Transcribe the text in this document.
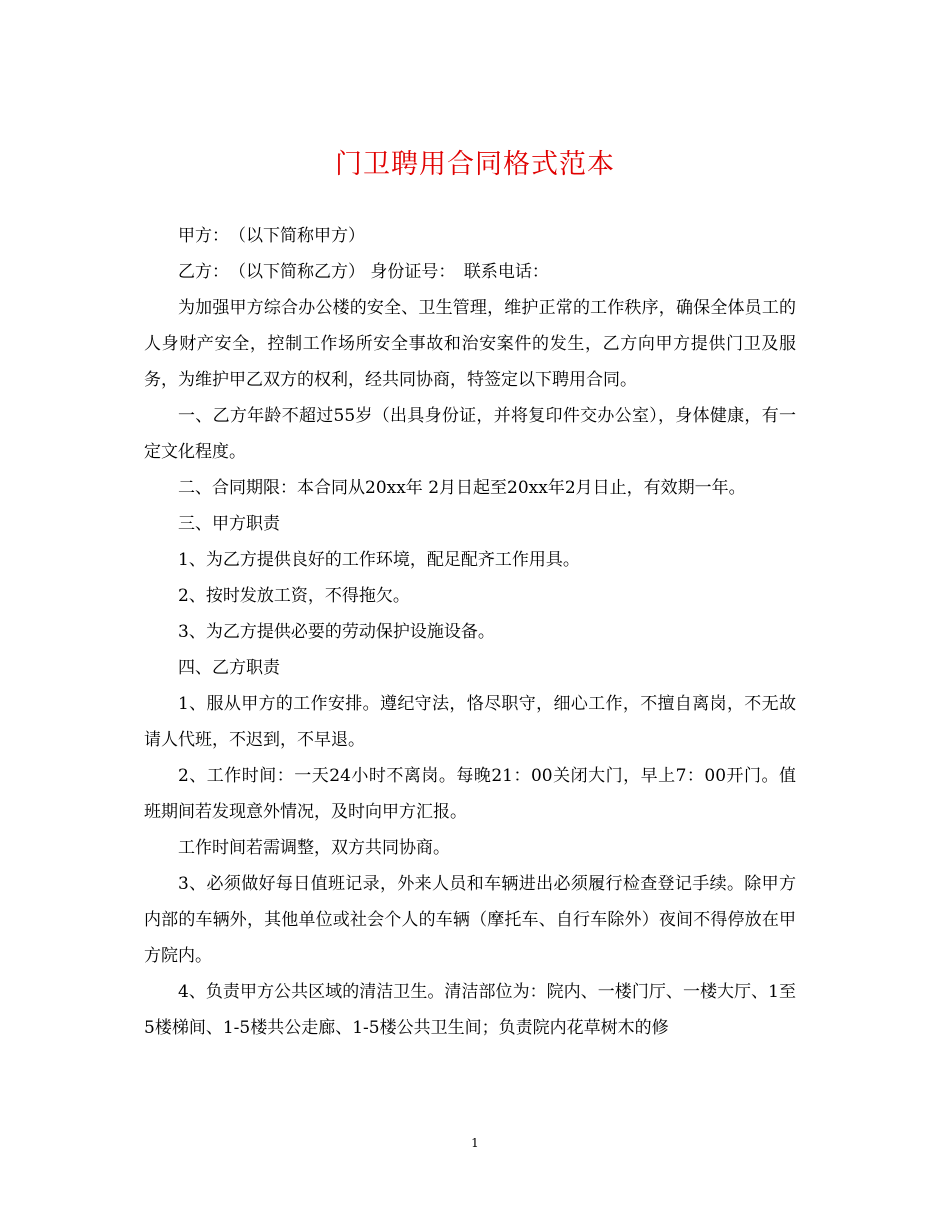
门卫聘用合同格式范本

甲方：　（以下简称甲方）

乙方：　（以下简称乙方） 身份证号：　联系电话：

为加强甲方综合办公楼的安全、卫生管理，维护正常的工作秩序，确保全体员工的人身财产安全，控制工作场所安全事故和治安案件的发生，乙方向甲方提供门卫及服务，为维护甲乙双方的权利，经共同协商，特签定以下聘用合同。

一、乙方年龄不超过55岁（出具身份证，并将复印件交办公室），身体健康，有一定文化程度。

二、合同期限：本合同从20xx年 2月日起至20xx年2月日止，有效期一年。

三、甲方职责

1、为乙方提供良好的工作环境，配足配齐工作用具。

2、按时发放工资，不得拖欠。

3、为乙方提供必要的劳动保护设施设备。

四、乙方职责

1、服从甲方的工作安排。遵纪守法，恪尽职守，细心工作，不擅自离岗，不无故请人代班，不迟到，不早退。

2、工作时间：一天24小时不离岗。每晚21：00关闭大门，早上7：00开门。值班期间若发现意外情况，及时向甲方汇报。

工作时间若需调整，双方共同协商。

3、必须做好每日值班记录，外来人员和车辆进出必须履行检查登记手续。除甲方内部的车辆外，其他单位或社会个人的车辆（摩托车、自行车除外）夜间不得停放在甲方院内。

4、负责甲方公共区域的清洁卫生。清洁部位为：院内、一楼门厅、一楼大厅、1至5楼梯间、1-5楼共公走廊、1-5楼公共卫生间；负责院内花草树木的修

1
